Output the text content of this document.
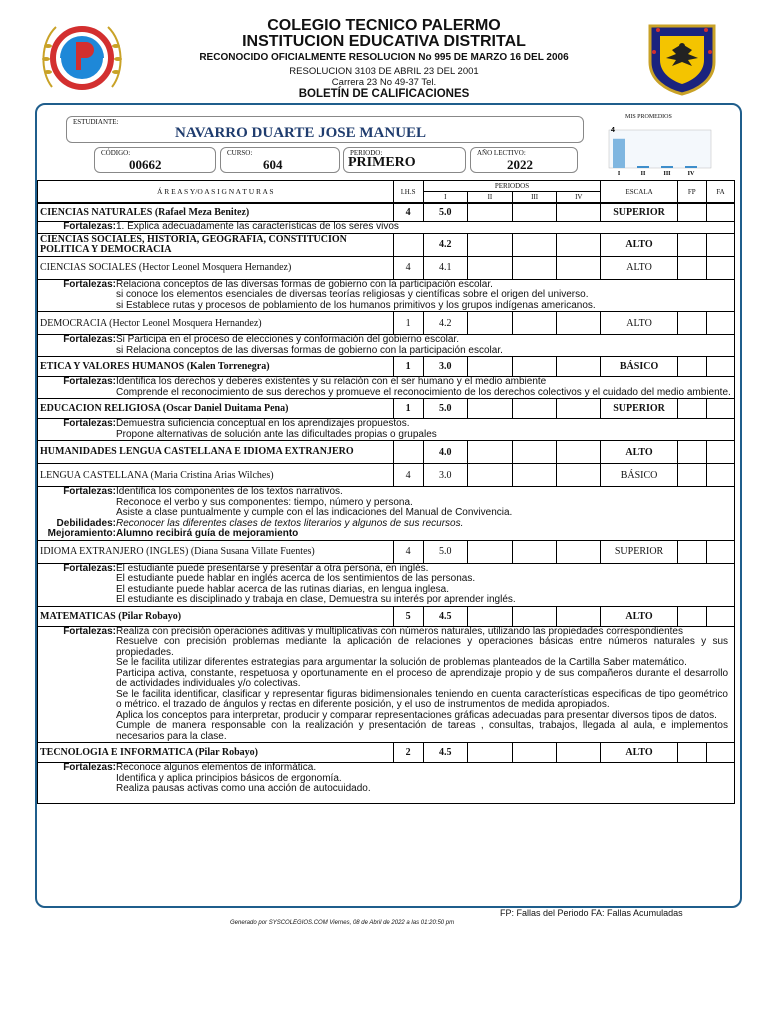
COLEGIO TECNICO PALERMO
INSTITUCION EDUCATIVA DISTRITAL
RECONOCIDO OFICIALMENTE RESOLUCION No 995 DE MARZO 16 DEL 2006
RESOLUCION 3103 DE ABRIL 23 DEL 2001
Carrera 23 No 49-37 Tel.
BOLETÍN DE CALIFICACIONES
ESTUDIANTE:
NAVARRO DUARTE JOSE MANUEL
CÓDIGO:
00662
CURSO:
604
PERIODO:
PRIMERO
AÑO LECTIVO:
2022
MIS PROMEDIOS
4
I	II	III	IV
Á R E A S Y/O A S I G N A T U R A S	I.H.S	PERIODOS				ESCALA	FP	FA
		I	II	III	IV			
CIENCIAS NATURALES (Rafael Meza Benitez)	4	5.0				SUPERIOR		

Fortalezas:	1. Explica adecuadamente las características de los seres vivos

CIENCIAS SOCIALES, HISTORIA, GEOGRAFIA, CONSTITUCION POLITICA Y DEMOCRACIA		4.2				ALTO		
CIENCIAS SOCIALES (Hector Leonel Mosquera Hernandez)	4	4.1				ALTO		

Fortalezas:	Relaciona conceptos de las diversas formas de gobierno con la participación escolar.
si conoce los elementos esenciales de diversas teorías religiosas y científicas sobre el origen del universo.
si Establece rutas y procesos de poblamiento de los humanos primitivos y los grupos indígenas americanos.

DEMOCRACIA (Hector Leonel Mosquera Hernandez)	1	4.2				ALTO		

Fortalezas:	Si Participa en el proceso de elecciones y conformación del gobierno escolar.
si Relaciona conceptos de las diversas formas de gobierno con la participación escolar.

ETICA Y VALORES HUMANOS (Kalen Torrenegra)	1	3.0				BÁSICO		

Fortalezas:	Identifica los derechos y deberes existentes y su relación con el ser humano y el medio ambiente
Comprende el reconocimiento de sus derechos y promueve el reconocimiento de los derechos colectivos y el cuidado del medio ambiente.

EDUCACION RELIGIOSA (Oscar Daniel Duitama Pena)	1	5.0				SUPERIOR		

Fortalezas:	Demuestra suficiencia conceptual en los aprendizajes propuestos.
Propone alternativas de solución ante las dificultades propias o grupales

HUMANIDADES LENGUA CASTELLANA E IDIOMA EXTRANJERO		4.0				ALTO		
LENGUA CASTELLANA (Maria Cristina Arias Wilches)	4	3.0				BÁSICO		

Fortalezas:	Identifica los componentes de los textos narrativos.
Reconoce el verbo y sus componentes: tiempo, número y persona.
Asiste a clase puntualmente y cumple con el las indicaciones del Manual de Convivencia.

Debilidades:	Reconocer las diferentes clases de textos literarios y algunos de sus recursos.
Mejoramiento:	Alumno recibirá guía de mejoramiento

IDIOMA EXTRANJERO (INGLES) (Diana Susana Villate Fuentes)	4	5.0				SUPERIOR		

Fortalezas:	El estudiante puede presentarse y presentar a otra persona, en inglés.
El estudiante puede hablar en inglés acerca de los sentimientos de las personas.
El estudiante puede hablar acerca de las rutinas diarias, en lengua inglesa.
El estudiante es disciplinado y trabaja en clase, Demuestra su interés por aprender inglés.

MATEMATICAS (Pilar Robayo)	5	4.5				ALTO		

Fortalezas:	Realiza con precisión operaciones aditivas y multiplicativas con números naturales, utilizando las propiedades correspondientes
Resuelve con precisión problemas mediante la aplicación de relaciones y operaciones básicas entre números naturales y sus propiedades.
Se le facilita utilizar diferentes estrategias para argumentar la solución de problemas planteados de la Cartilla Saber matemático.
Participa activa, constante, respetuosa y oportunamente en el proceso de aprendizaje propio y de sus compañeros durante el desarrollo de actividades individuales y/o colectivas.
Se le facilita identificar, clasificar y representar figuras bidimensionales teniendo en cuenta características especificas de tipo geométrico o métrico. el trazado de ángulos y rectas en diferente posición, y el uso de instrumentos de medida apropiados.
Aplica los conceptos para interpretar, producir y comparar representaciones gráficas adecuadas para presentar diversos tipos de datos.
Cumple de manera responsable con la realización y presentación de tareas , consultas, trabajos, llegada al aula, e implementos necesarios para la clase.

TECNOLOGIA E INFORMATICA (Pilar Robayo)	2	4.5				ALTO		

Fortalezas:	Reconoce algunos elementos de informática.
Identifica y aplica principios básicos de ergonomía.
Realiza pausas activas como una acción de autocuidado.
FP: Fallas del Periodo FA: Fallas Acumuladas
Generado por SYSCOLEGIOS.COM Viernes, 08 de Abril de 2022 a las 01:20:50 pm
